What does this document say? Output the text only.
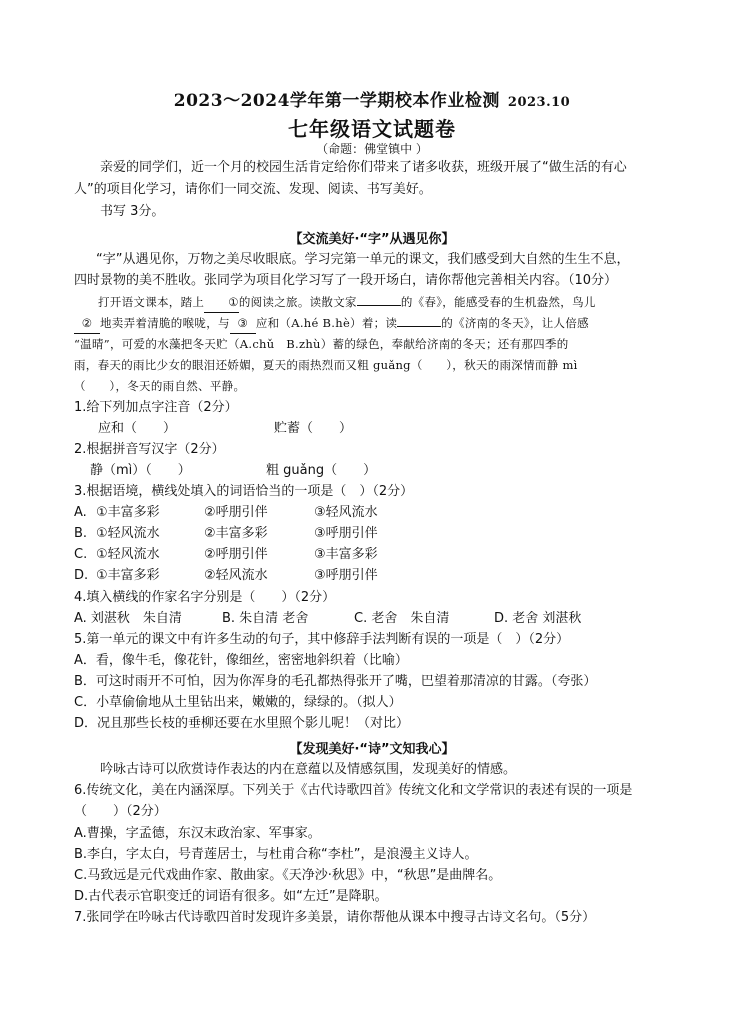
2023～2024学年第一学期校本作业检测 2023.10
七年级语文试题卷
（命题：佛堂镇中 ）
亲爱的同学们，近一个月的校园生活肯定给你们带来了诸多收获，班级开展了“做生活的有心
人”的项目化学习，请你们一同交流、发现、阅读、书写美好。
书写 3分。
【交流美好·“字”从遇见你】
“字”从遇见你，万物之美尽收眼底。学习完第一单元的课文，我们感受到大自然的生生不息，
四时景物的美不胜收。张同学为项目化学习写了一段开场白，请你帮他完善相关内容。（10分）
打开语文课本，踏上 ①的阅读之旅。读散文家	的《春》，能感受春的生机盎然，鸟儿
② 地卖弄着清脆的喉咙，与 ③ 应和（A.hé B.hè）着；读	的《济南的冬天》，让人倍感
“温晴”，可爱的水藻把冬天贮（A.chǔ　B.zhù）蓄的绿色，奉献给济南的冬天；还有那四季的
雨，春天的雨比少女的眼泪还娇媚，夏天的雨热烈而又粗 guǎng（　　），秋天的雨深情而静 mì
（　　），冬天的雨自然、平静。
1.给下列加点字注音（2分）
应和（　　）	贮蓄（　　）
2.根据拼音写汉字（2分）
静（mì）（　　）	粗 guǎng（　　）
3.根据语境，横线处填入的词语恰当的一项是（　）（2分）
A. ①丰富多彩	②呼朋引伴	③轻风流水
B. ①轻风流水	②丰富多彩	③呼朋引伴
C. ①轻风流水	②呼朋引伴	③丰富多彩
D. ①丰富多彩	②轻风流水	③呼朋引伴
4.填入横线的作家名字分别是（　　）（2分）
A. 刘湛秋　朱自清	B. 朱自清 老舍	C. 老舍　朱自清	D. 老舍 刘湛秋
5.第一单元的课文中有许多生动的句子，其中修辞手法判断有误的一项是（　）（2分）
A．看，像牛毛，像花针，像细丝，密密地斜织着（比喻）
B．可这时雨开不可怕，因为你浑身的毛孔都热得张开了嘴，巴望着那清凉的甘露。（夸张）
C．小草偷偷地从土里钻出来，嫩嫩的，绿绿的。（拟人）
D．况且那些长枝的垂柳还要在水里照个影儿呢！（对比）
【发现美好·“诗”文知我心】
吟咏古诗可以欣赏诗作表达的内在意蕴以及情感氛围，发现美好的情感。
6.传统文化，美在内涵深厚。下列关于《古代诗歌四首》传统文化和文学常识的表述有误的一项是
（　　）（2分）
A.曹操，字孟德，东汉末政治家、军事家。
B.李白，字太白，号青莲居士，与杜甫合称“李杜”，是浪漫主义诗人。
C.马致远是元代戏曲作家、散曲家。《天净沙·秋思》中，“秋思”是曲牌名。
D.古代表示官职变迁的词语有很多。如“左迁”是降职。
7.张同学在吟咏古代诗歌四首时发现许多美景，请你帮他从课本中搜寻古诗文名句。（5分）
